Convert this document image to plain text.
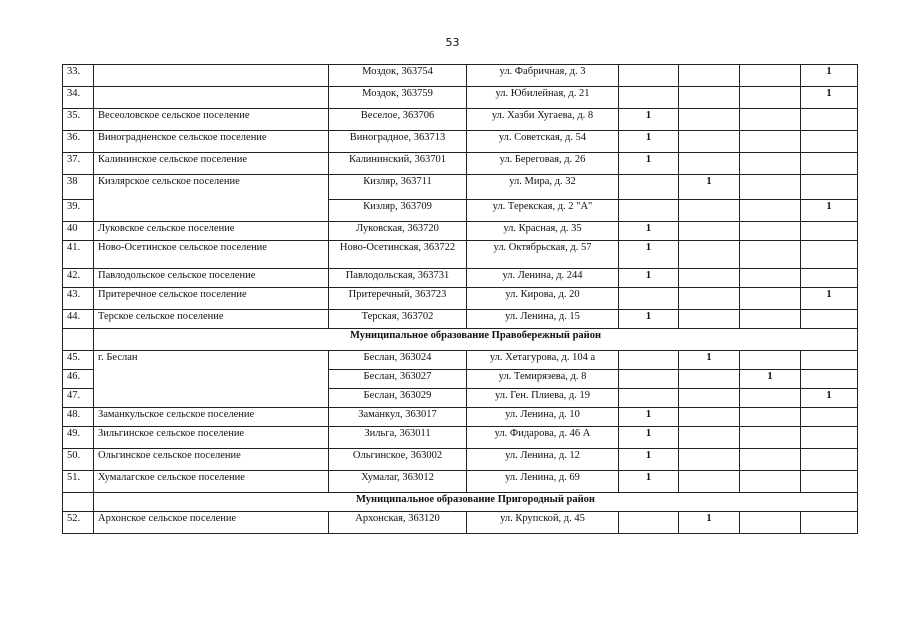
53
33.		Моздок, 363754	ул. Фабричная, д. 3				1
34.		Моздок, 363759	ул. Юбилейная, д. 21				1
35.	Весеоловское сельское поселение	Веселое, 363706	ул. Хазби Хугаева, д. 8	1			
36.	Виноградненское сельское поселение	Виноградное, 363713	ул. Советская, д. 54	1			
37.	Калининское сельское поселение	Калининский, 363701	ул. Береговая, д. 26	1			
38	Кизлярское сельское поселение	Кизляр, 363711	ул. Мира, д. 32		1		
39.		Кизляр, 363709	ул. Терекская, д. 2 "А"				1
40	Луковское сельское поселение	Луковская, 363720	ул. Красная, д. 35	1			
41.	Ново-Осетинское сельское поселение	Ново-Осетинская, 363722	ул. Октябрьская, д. 57	1			
42.	Павлодольское сельское поселение	Павлодольская, 363731	ул. Ленина, д. 244	1			
43.	Притеречное сельское поселение	Притеречный, 363723	ул. Кирова, д. 20				1
44.	Терское сельское поселение	Терская, 363702	ул. Ленина, д. 15	1			
	Муниципальное образование Правобережный район						
45.	г. Беслан	Беслан, 363024	ул. Хетагурова, д. 104 а		1		
46.		Беслан, 363027	ул. Темирязева, д. 8			1	
47.		Беслан, 363029	ул. Ген. Плиева, д. 19				1
48.	Заманкульское сельское поселение	Заманкул, 363017	ул. Ленина, д. 10	1			
49.	Зильгинское сельское поселение	Зильга, 363011	ул. Фидарова, д. 46 А	1			
50.	Ольгинское сельское поселение	Ольгинское, 363002	ул. Ленина, д. 12	1			
51.	Хумалагское сельское поселение	Хумалаг, 363012	ул. Ленина, д. 69	1			
	Муниципальное образование Пригородный район						
52.	Архонское сельское поселение	Архонская, 363120	ул. Крупской, д. 45		1		
